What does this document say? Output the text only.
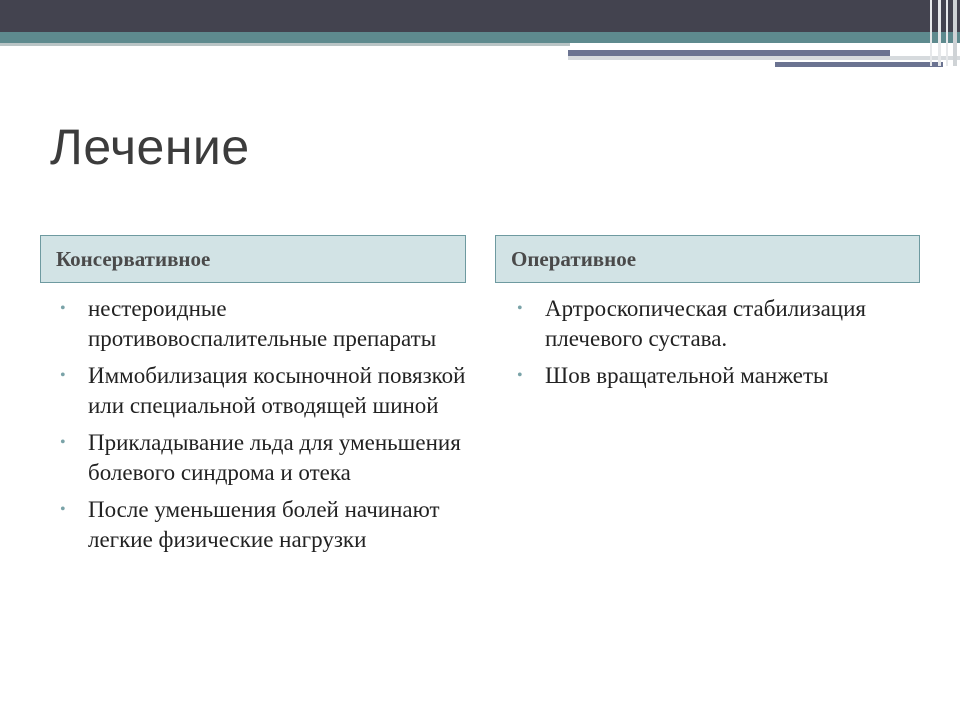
Лечение
Консервативное	Оперативное
• нестероидные противовоспалительные препараты
• Иммобилизация косыночной повязкой или специальной отводящей шиной
• Прикладывание льда для уменьшения болевого синдрома и отека
• После уменьшения болей начинают легкие физические нагрузки
• Артроскопическая стабилизация плечевого сустава.
• Шов вращательной манжеты
